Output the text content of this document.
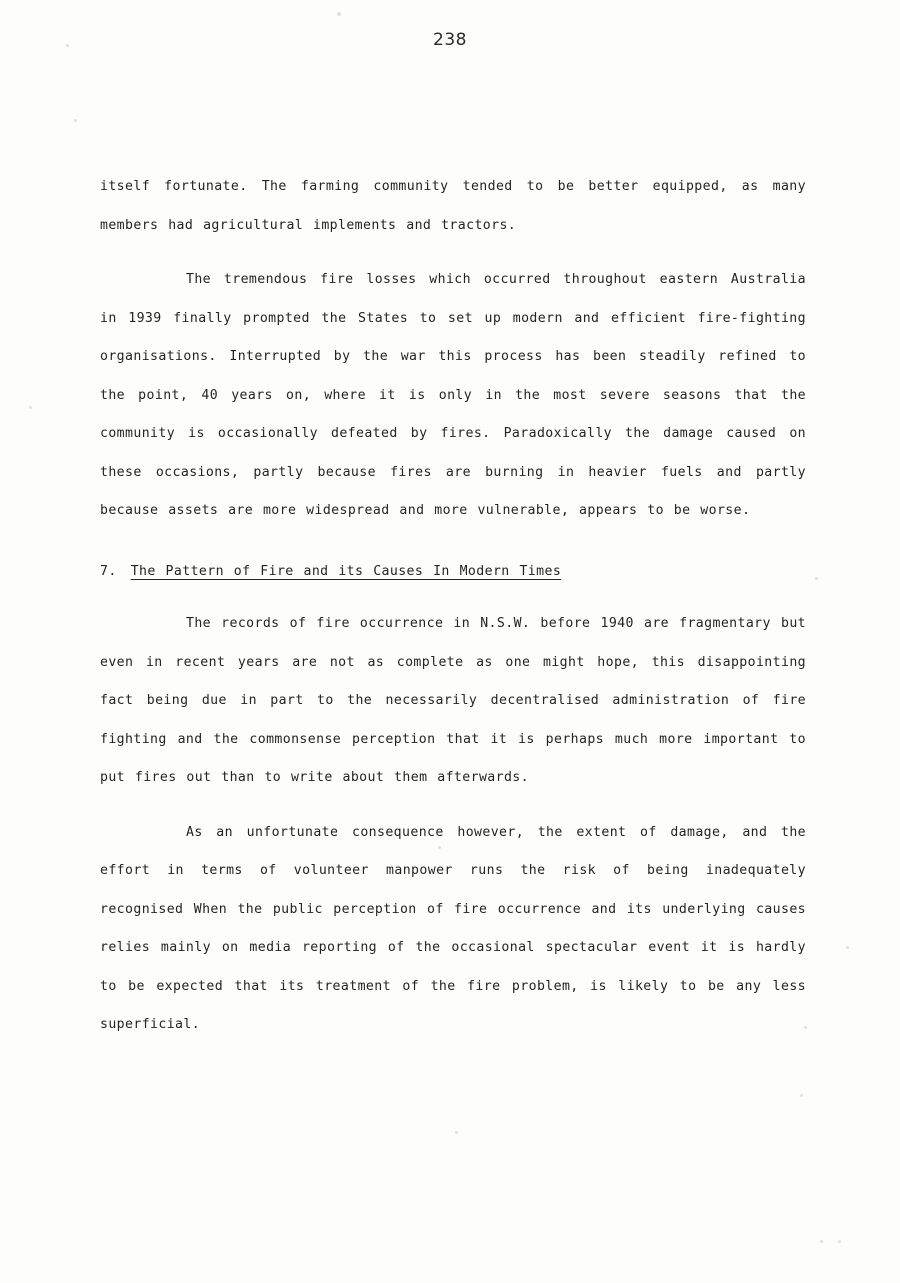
238

itself fortunate. The farming community tended to be better equipped, as many members had agricultural implements and tractors.

The tremendous fire losses which occurred throughout eastern Australia in 1939 finally prompted the States to set up modern and efficient fire-fighting organisations. Interrupted by the war this process has been steadily refined to the point, 40 years on, where it is only in the most severe seasons that the community is occasionally defeated by fires. Paradoxically the damage caused on these occasions, partly because fires are burning in heavier fuels and partly because assets are more widespread and more vulnerable, appears to be worse.

7. The Pattern of Fire and its Causes In Modern Times

The records of fire occurrence in N.S.W. before 1940 are fragmentary but even in recent years are not as complete as one might hope, this disappointing fact being due in part to the necessarily decentralised administration of fire fighting and the commonsense perception that it is perhaps much more important to put fires out than to write about them afterwards.

As an unfortunate consequence however, the extent of damage, and the effort in terms of volunteer manpower runs the risk of being inadequately recognised When the public perception of fire occurrence and its underlying causes relies mainly on media reporting of the occasional spectacular event it is hardly to be expected that its treatment of the fire problem, is likely to be any less superficial.
